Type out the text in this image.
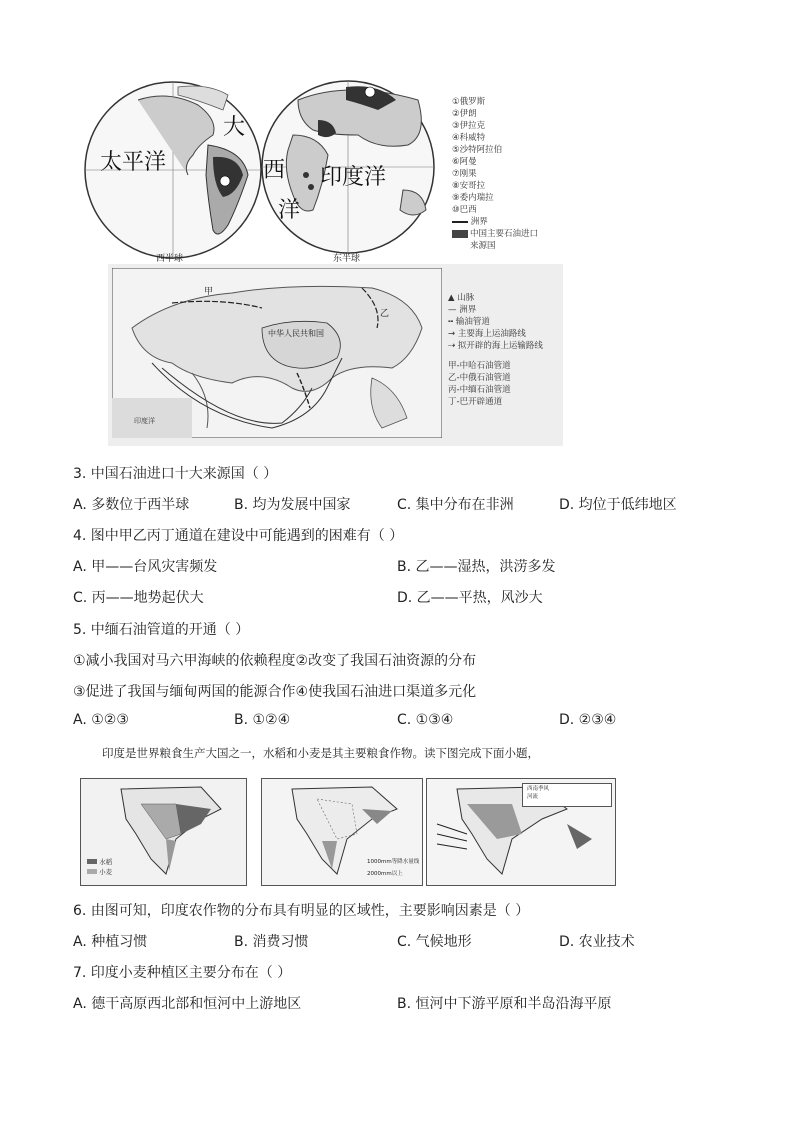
太平洋
大
西
洋
印度洋
西半球	东半球
①俄罗斯
②伊朗
③伊拉克
④科威特
⑤沙特阿拉伯
⑥阿曼
⑦刚果
⑧安哥拉
⑨委内瑞拉
⑩巴西
洲界
中国主要石油进口来源国
印度洋
中华人民共和国
甲
乙
▲ 山脉
— 洲界
╍ 输油管道
→ 主要海上运油路线
⇢ 拟开辟的海上运输路线
甲-中哈石油管道
乙-中俄石油管道
丙-中缅石油管道
丁-巴开辟通道
3. 中国石油进口十大来源国（ ）
A. 多数位于西半球	B. 均为发展中国家	C. 集中分布在非洲	D. 均位于低纬地区
4. 图中甲乙丙丁通道在建设中可能遇到的困难有（ ）
A. 甲——台风灾害频发	B. 乙——湿热，洪涝多发
C. 丙——地势起伏大	D. 乙——平热，风沙大
5. 中缅石油管道的开通（ ）
①减小我国对马六甲海峡的依赖程度②改变了我国石油资源的分布
③促进了我国与缅甸两国的能源合作④使我国石油进口渠道多元化
A. ①②③	B. ①②④	C. ①③④	D. ②③④
印度是世界粮食生产大国之一，水稻和小麦是其主要粮食作物。读下图完成下面小题，
水稻
小麦
1000mm等降水量线
2000mm以上
西南季风
河流
6. 由图可知，印度农作物的分布具有明显的区域性，主要影响因素是（ ）
A. 种植习惯	B. 消费习惯	C. 气候地形	D. 农业技术
7. 印度小麦种植区主要分布在（ ）
A. 德干高原西北部和恒河中上游地区	B. 恒河中下游平原和半岛沿海平原
